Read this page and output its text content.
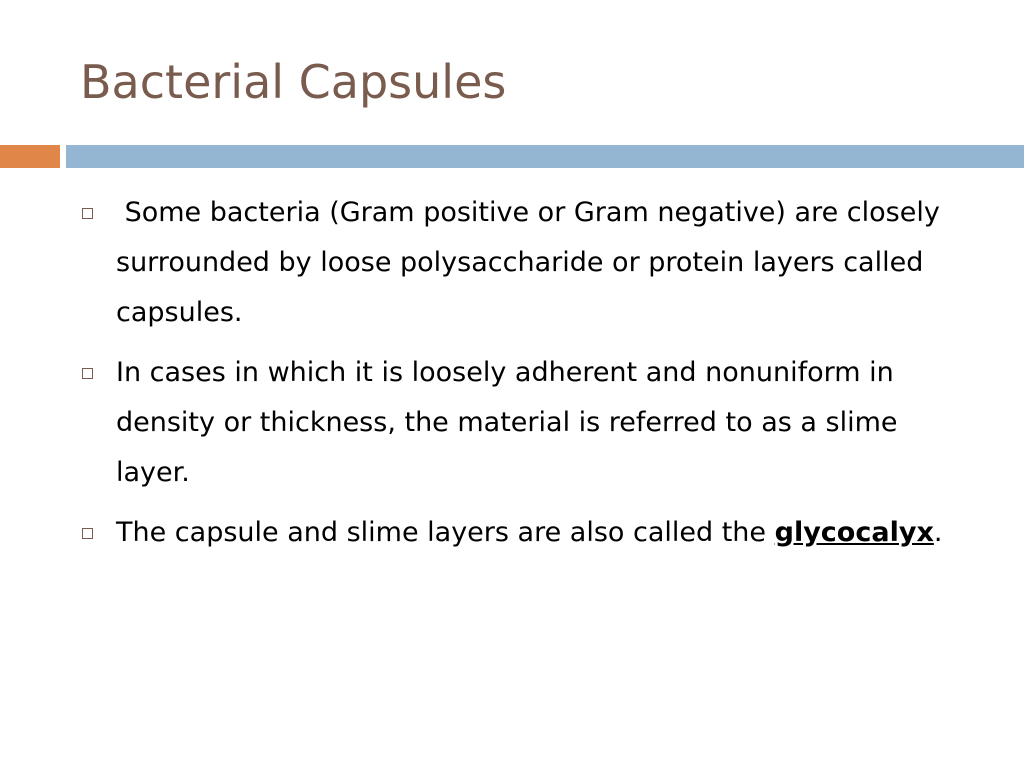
Bacterial Capsules
Some bacteria (Gram positive or Gram negative) are closely surrounded by loose polysaccharide or protein layers called capsules.
In cases in which it is loosely adherent and nonuniform in density or thickness, the material is referred to as a slime layer.
The capsule and slime layers are also called the glycocalyx.
